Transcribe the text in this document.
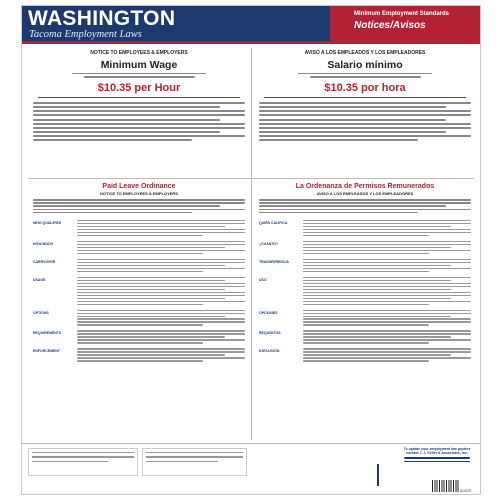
WASHINGTON
Tacoma Employment Laws
Minimum Employment Standards
Notices/Avisos
NOTICE TO EMPLOYEES & EMPLOYERS
Minimum Wage
$10.35 per Hour
AVISO A LOS EMPLEADOS Y LOS EMPLEADORES
Salario mínimo
$10.35 por hora
Paid Leave Ordinance
NOTICE TO EMPLOYEES & EMPLOYERS
WHO QUALIFIES
HOW MUCH
CARRYOVER
USAGE
OPTIONS
REQUIREMENTS
ENFORCEMENT
La Ordenanza de Permisos Remunerados
AVISO A LOS EMPLEADOS Y LOS EMPLEADORES
QUIÉN CALIFICA
¿CUÁNTO?
TRANSFERENCIA
USO
OPCIONES
REQUISITOS
EJECUCIÓN
To update your employment law posters contact J. J. Keller & Associates, Inc.
60529
